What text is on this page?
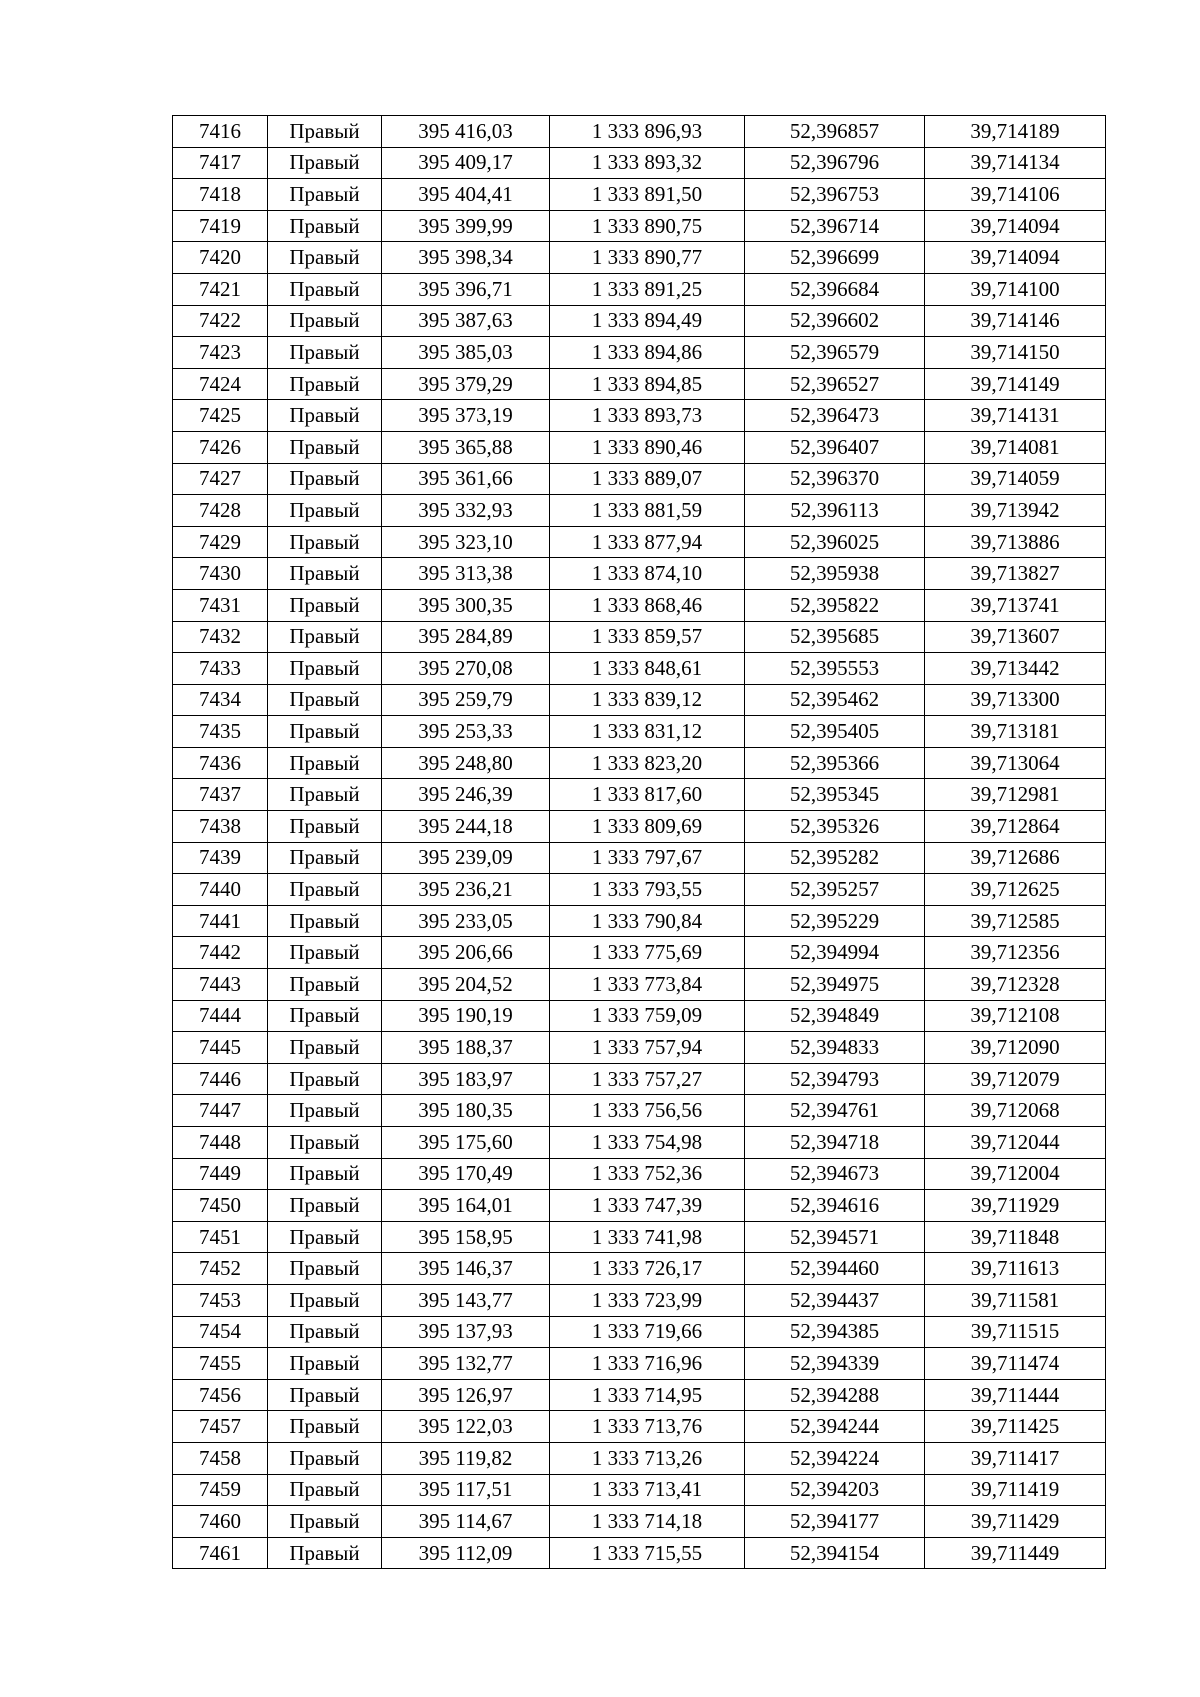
7416	Правый	395 416,03	1 333 896,93	52,396857	39,714189
7417	Правый	395 409,17	1 333 893,32	52,396796	39,714134
7418	Правый	395 404,41	1 333 891,50	52,396753	39,714106
7419	Правый	395 399,99	1 333 890,75	52,396714	39,714094
7420	Правый	395 398,34	1 333 890,77	52,396699	39,714094
7421	Правый	395 396,71	1 333 891,25	52,396684	39,714100
7422	Правый	395 387,63	1 333 894,49	52,396602	39,714146
7423	Правый	395 385,03	1 333 894,86	52,396579	39,714150
7424	Правый	395 379,29	1 333 894,85	52,396527	39,714149
7425	Правый	395 373,19	1 333 893,73	52,396473	39,714131
7426	Правый	395 365,88	1 333 890,46	52,396407	39,714081
7427	Правый	395 361,66	1 333 889,07	52,396370	39,714059
7428	Правый	395 332,93	1 333 881,59	52,396113	39,713942
7429	Правый	395 323,10	1 333 877,94	52,396025	39,713886
7430	Правый	395 313,38	1 333 874,10	52,395938	39,713827
7431	Правый	395 300,35	1 333 868,46	52,395822	39,713741
7432	Правый	395 284,89	1 333 859,57	52,395685	39,713607
7433	Правый	395 270,08	1 333 848,61	52,395553	39,713442
7434	Правый	395 259,79	1 333 839,12	52,395462	39,713300
7435	Правый	395 253,33	1 333 831,12	52,395405	39,713181
7436	Правый	395 248,80	1 333 823,20	52,395366	39,713064
7437	Правый	395 246,39	1 333 817,60	52,395345	39,712981
7438	Правый	395 244,18	1 333 809,69	52,395326	39,712864
7439	Правый	395 239,09	1 333 797,67	52,395282	39,712686
7440	Правый	395 236,21	1 333 793,55	52,395257	39,712625
7441	Правый	395 233,05	1 333 790,84	52,395229	39,712585
7442	Правый	395 206,66	1 333 775,69	52,394994	39,712356
7443	Правый	395 204,52	1 333 773,84	52,394975	39,712328
7444	Правый	395 190,19	1 333 759,09	52,394849	39,712108
7445	Правый	395 188,37	1 333 757,94	52,394833	39,712090
7446	Правый	395 183,97	1 333 757,27	52,394793	39,712079
7447	Правый	395 180,35	1 333 756,56	52,394761	39,712068
7448	Правый	395 175,60	1 333 754,98	52,394718	39,712044
7449	Правый	395 170,49	1 333 752,36	52,394673	39,712004
7450	Правый	395 164,01	1 333 747,39	52,394616	39,711929
7451	Правый	395 158,95	1 333 741,98	52,394571	39,711848
7452	Правый	395 146,37	1 333 726,17	52,394460	39,711613
7453	Правый	395 143,77	1 333 723,99	52,394437	39,711581
7454	Правый	395 137,93	1 333 719,66	52,394385	39,711515
7455	Правый	395 132,77	1 333 716,96	52,394339	39,711474
7456	Правый	395 126,97	1 333 714,95	52,394288	39,711444
7457	Правый	395 122,03	1 333 713,76	52,394244	39,711425
7458	Правый	395 119,82	1 333 713,26	52,394224	39,711417
7459	Правый	395 117,51	1 333 713,41	52,394203	39,711419
7460	Правый	395 114,67	1 333 714,18	52,394177	39,711429
7461	Правый	395 112,09	1 333 715,55	52,394154	39,711449
